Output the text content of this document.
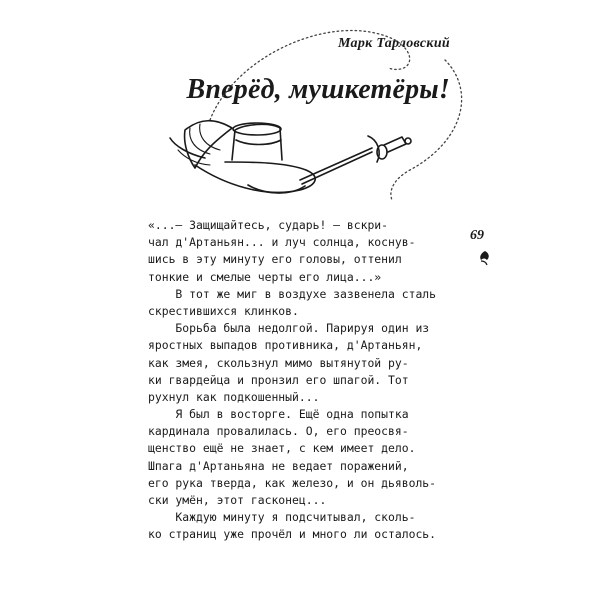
Марк Тарловский
Вперёд, мушкетёры!
69
«...— Защищайтесь, сударь! — вскри-
чал д'Артаньян... и луч солнца, коснув-
шись в эту минуту его головы, оттенил
тонкие и смелые черты его лица...»
В тот же миг в воздухе зазвенела сталь
скрестившихся клинков.
Борьба была недолгой. Парируя один из
яростных выпадов противника, д'Артаньян,
как змея, скользнул мимо вытянутой ру-
ки гвардейца и пронзил его шпагой. Тот
рухнул как подкошенный...
Я был в восторге. Ещё одна попытка
кардинала провалилась. О, его преосвя-
щенство ещё не знает, с кем имеет дело.
Шпага д'Артаньяна не ведает поражений,
его рука тверда, как железо, и он дьяволь-
ски умён, этот гасконец...
Каждую минуту я подсчитывал, сколь-
ко страниц уже прочёл и много ли осталось.
